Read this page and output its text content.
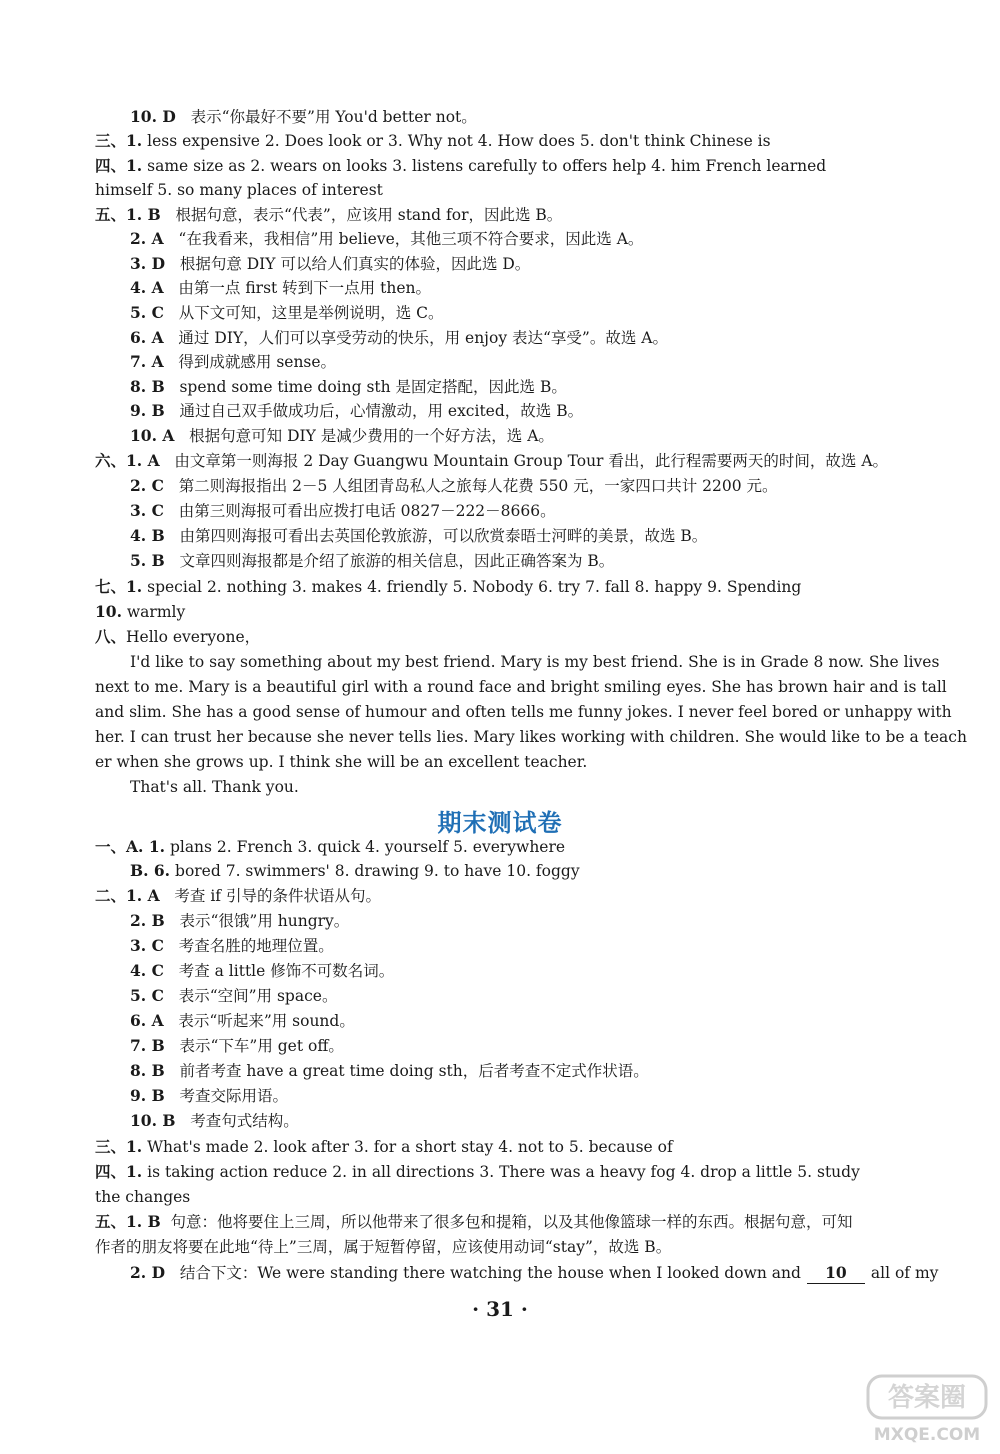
10. D 表示“你最好不要”用 You'd better not。
三、1. less expensive 2. Does look or 3. Why not 4. How does 5. don't think Chinese is
四、1. same size as 2. wears on looks 3. listens carefully to offers help 4. him French learned
himself 5. so many places of interest
五、1. B 根据句意，表示“代表”，应该用 stand for，因此选 B。
2. A “在我看来，我相信”用 believe，其他三项不符合要求，因此选 A。
3. D 根据句意 DIY 可以给人们真实的体验，因此选 D。
4. A 由第一点 first 转到下一点用 then。
5. C 从下文可知，这里是举例说明，选 C。
6. A 通过 DIY，人们可以享受劳动的快乐，用 enjoy 表达“享受”。故选 A。
7. A 得到成就感用 sense。
8. B spend some time doing sth 是固定搭配，因此选 B。
9. B 通过自己双手做成功后，心情激动，用 excited，故选 B。
10. A 根据句意可知 DIY 是减少费用的一个好方法，选 A。
六、1. A 由文章第一则海报 2 Day Guangwu Mountain Group Tour 看出，此行程需要两天的时间，故选 A。
2. C 第二则海报指出 2－5 人组团青岛私人之旅每人花费 550 元，一家四口共计 2200 元。
3. C 由第三则海报可看出应拨打电话 0827－222－8666。
4. B 由第四则海报可看出去英国伦敦旅游，可以欣赏泰晤士河畔的美景，故选 B。
5. B 文章四则海报都是介绍了旅游的相关信息，因此正确答案为 B。
七、1. special 2. nothing 3. makes 4. friendly 5. Nobody 6. try 7. fall 8. happy 9. Spending
10. warmly
八、Hello everyone，
I'd like to say something about my best friend. Mary is my best friend. She is in Grade 8 now. She lives
next to me. Mary is a beautiful girl with a round face and bright smiling eyes. She has brown hair and is tall
and slim. She has a good sense of humour and often tells me funny jokes. I never feel bored or unhappy with
her. I can trust her because she never tells lies. Mary likes working with children. She would like to be a teach
er when she grows up. I think she will be an excellent teacher.
That's all. Thank you.
期末测试卷
一、A. 1. plans 2. French 3. quick 4. yourself 5. everywhere
B. 6. bored 7. swimmers' 8. drawing 9. to have 10. foggy
二、1. A 考查 if 引导的条件状语从句。
2. B 表示“很饿”用 hungry。
3. C 考查名胜的地理位置。
4. C 考查 a little 修饰不可数名词。
5. C 表示“空间”用 space。
6. A 表示“听起来”用 sound。
7. B 表示“下车”用 get off。
8. B 前者考查 have a great time doing sth，后者考查不定式作状语。
9. B 考查交际用语。
10. B 考查句式结构。
三、1. What's made 2. look after 3. for a short stay 4. not to 5. because of
四、1. is taking action reduce 2. in all directions 3. There was a heavy fog 4. drop a little 5. study
the changes
五、1. B 句意：他将要住上三周，所以他带来了很多包和提箱，以及其他像篮球一样的东西。根据句意，可知
作者的朋友将要在此地“待上”三周，属于短暂停留，应该使用动词“stay”，故选 B。
2. D 结合下文：We were standing there watching the house when I looked down and 10 all of my
· 31 ·
答案圈
MXQE.COM
